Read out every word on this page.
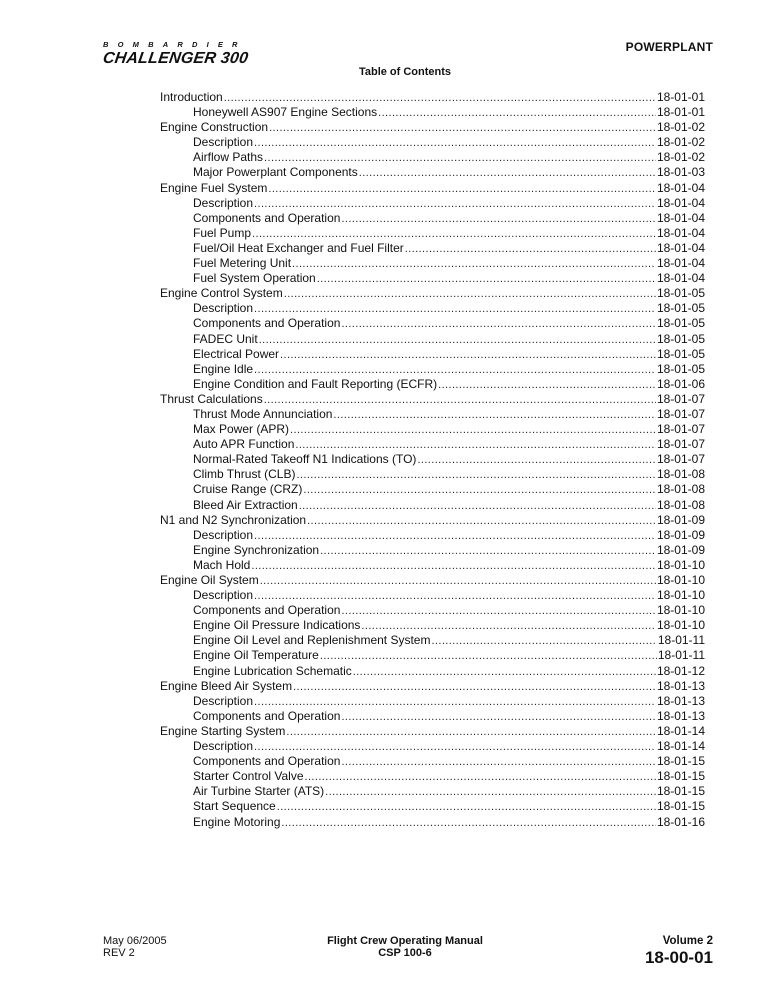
BOMBARDIER
CHALLENGER 300
POWERPLANT
Table of Contents
Introduction .....	18-01-01
Honeywell AS907 Engine Sections .....	18-01-01
Engine Construction .....	18-01-02
Description .....	18-01-02
Airflow Paths .....	18-01-02
Major Powerplant Components .....	18-01-03
Engine Fuel System .....	18-01-04
Description .....	18-01-04
Components and Operation .....	18-01-04
Fuel Pump .....	18-01-04
Fuel/Oil Heat Exchanger and Fuel Filter .....	18-01-04
Fuel Metering Unit .....	18-01-04
Fuel System Operation .....	18-01-04
Engine Control System .....	18-01-05
Description .....	18-01-05
Components and Operation .....	18-01-05
FADEC Unit .....	18-01-05
Electrical Power .....	18-01-05
Engine Idle .....	18-01-05
Engine Condition and Fault Reporting (ECFR) .....	18-01-06
Thrust Calculations .....	18-01-07
Thrust Mode Annunciation .....	18-01-07
Max Power (APR) .....	18-01-07
Auto APR Function .....	18-01-07
Normal-Rated Takeoff N1 Indications (TO) .....	18-01-07
Climb Thrust (CLB) .....	18-01-08
Cruise Range (CRZ) .....	18-01-08
Bleed Air Extraction .....	18-01-08
N1 and N2 Synchronization .....	18-01-09
Description .....	18-01-09
Engine Synchronization .....	18-01-09
Mach Hold .....	18-01-10
Engine Oil System .....	18-01-10
Description .....	18-01-10
Components and Operation .....	18-01-10
Engine Oil Pressure Indications .....	18-01-10
Engine Oil Level and Replenishment System .....	18-01-11
Engine Oil Temperature .....	18-01-11
Engine Lubrication Schematic .....	18-01-12
Engine Bleed Air System .....	18-01-13
Description .....	18-01-13
Components and Operation .....	18-01-13
Engine Starting System .....	18-01-14
Description .....	18-01-14
Components and Operation .....	18-01-15
Starter Control Valve .....	18-01-15
Air Turbine Starter (ATS) .....	18-01-15
Start Sequence .....	18-01-15
Engine Motoring .....	18-01-16
May 06/2005
REV 2
Flight Crew Operating Manual
CSP 100-6
Volume 2
18-00-01
